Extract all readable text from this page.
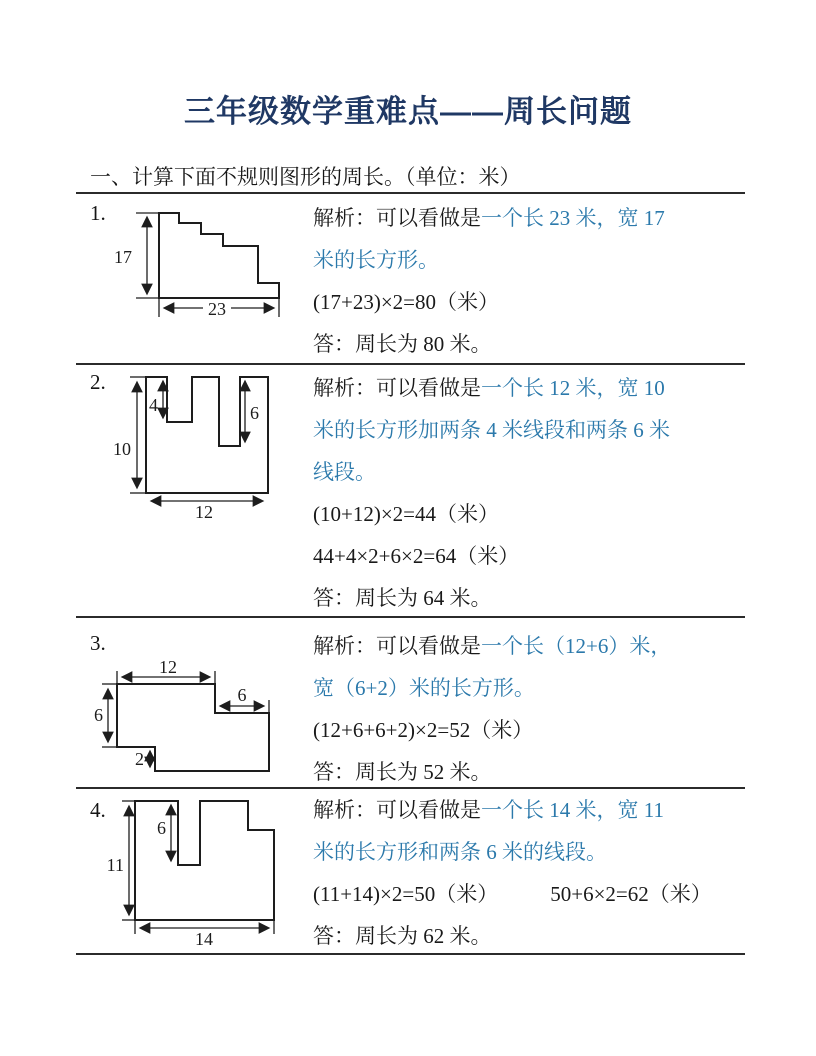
三年级数学重难点——周长问题
一、计算下面不规则图形的周长。（单位：米）
1.
17
23

解析：可以看做是一个长 23 米，宽 17

米的长方形。

(17+23)×2=80（米）

答：周长为 80 米。

2.
10
4	6
12

解析：可以看做是一个长 12 米，宽 10

米的长方形加两条 4 米线段和两条 6 米

线段。

(10+12)×2=44（米）

44+4×2+6×2=64（米）

答：周长为 64 米。

3.
12
6
6
2

解析：可以看做是一个长（12+6）米，

宽（6+2）米的长方形。

(12+6+6+2)×2=52（米）

答：周长为 52 米。

4.
6
11
14

解析：可以看做是一个长 14 米，宽 11

米的长方形和两条 6 米的线段。

(11+14)×2=50（米） 50+6×2=62（米）

答：周长为 62 米。
